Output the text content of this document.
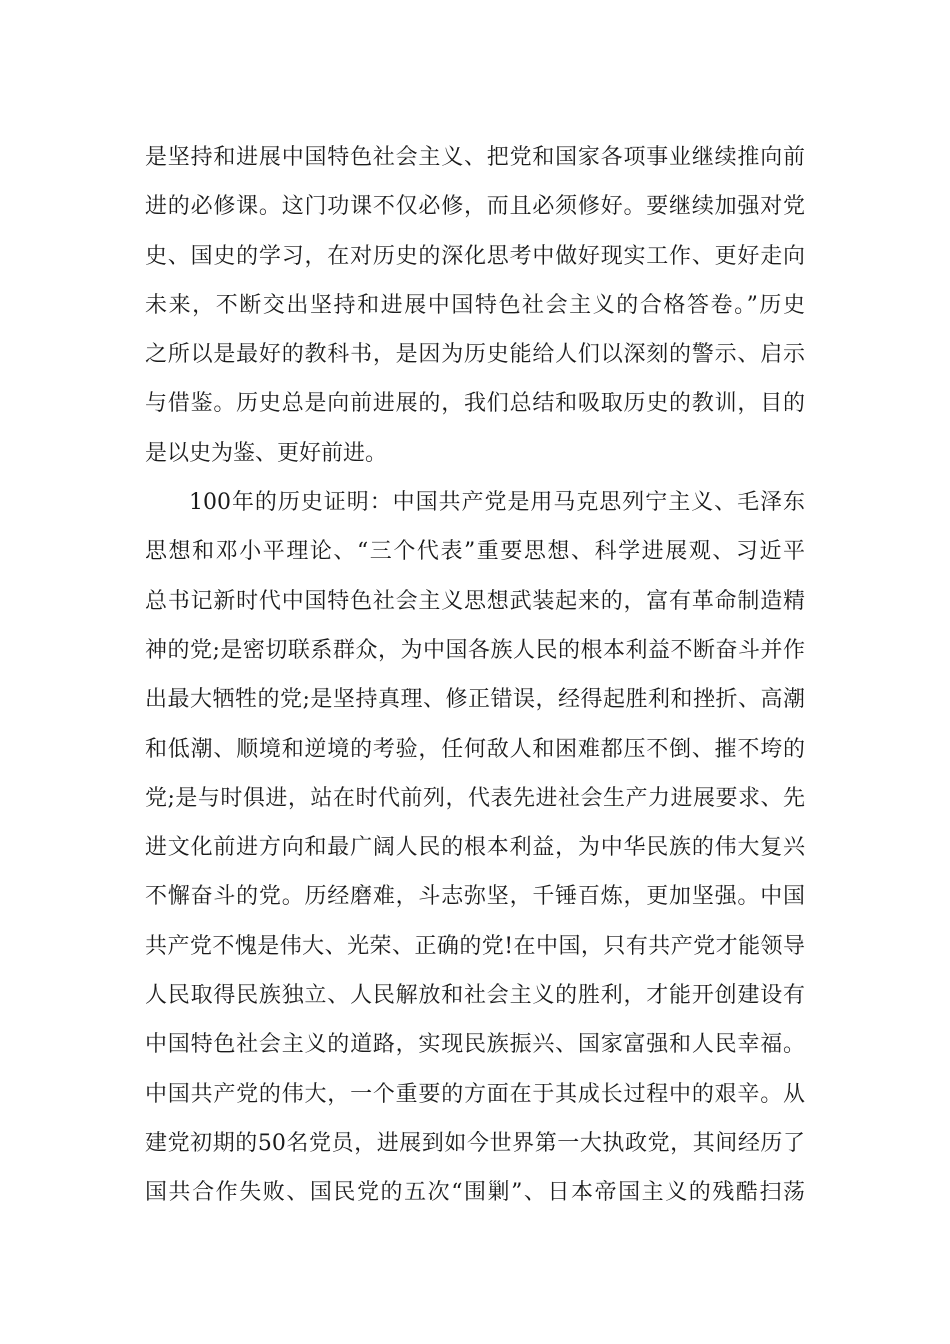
是坚持和进展中国特色社会主义、把党和国家各项事业继续推向前
进的必修课。这门功课不仅必修，而且必须修好。要继续加强对党
史、国史的学习，在对历史的深化思考中做好现实工作、更好走向
未来，不断交出坚持和进展中国特色社会主义的合格答卷。”历史
之所以是最好的教科书，是因为历史能给人们以深刻的警示、启示
与借鉴。历史总是向前进展的，我们总结和吸取历史的教训，目的
是以史为鉴、更好前进。
100年的历史证明：中国共产党是用马克思列宁主义、毛泽东
思想和邓小平理论、“三个代表”重要思想、科学进展观、习近平
总书记新时代中国特色社会主义思想武装起来的，富有革命制造精
神的党;是密切联系群众，为中国各族人民的根本利益不断奋斗并作
出最大牺牲的党;是坚持真理、修正错误，经得起胜利和挫折、高潮
和低潮、顺境和逆境的考验，任何敌人和困难都压不倒、摧不垮的
党;是与时俱进，站在时代前列，代表先进社会生产力进展要求、先
进文化前进方向和最广阔人民的根本利益，为中华民族的伟大复兴
不懈奋斗的党。历经磨难，斗志弥坚，千锤百炼，更加坚强。中国
共产党不愧是伟大、光荣、正确的党!在中国，只有共产党才能领导
人民取得民族独立、人民解放和社会主义的胜利，才能开创建设有
中国特色社会主义的道路，实现民族振兴、国家富强和人民幸福。
中国共产党的伟大，一个重要的方面在于其成长过程中的艰辛。从
建党初期的50名党员，进展到如今世界第一大执政党，其间经历了
国共合作失败、国民党的五次“围剿”、日本帝国主义的残酷扫荡
